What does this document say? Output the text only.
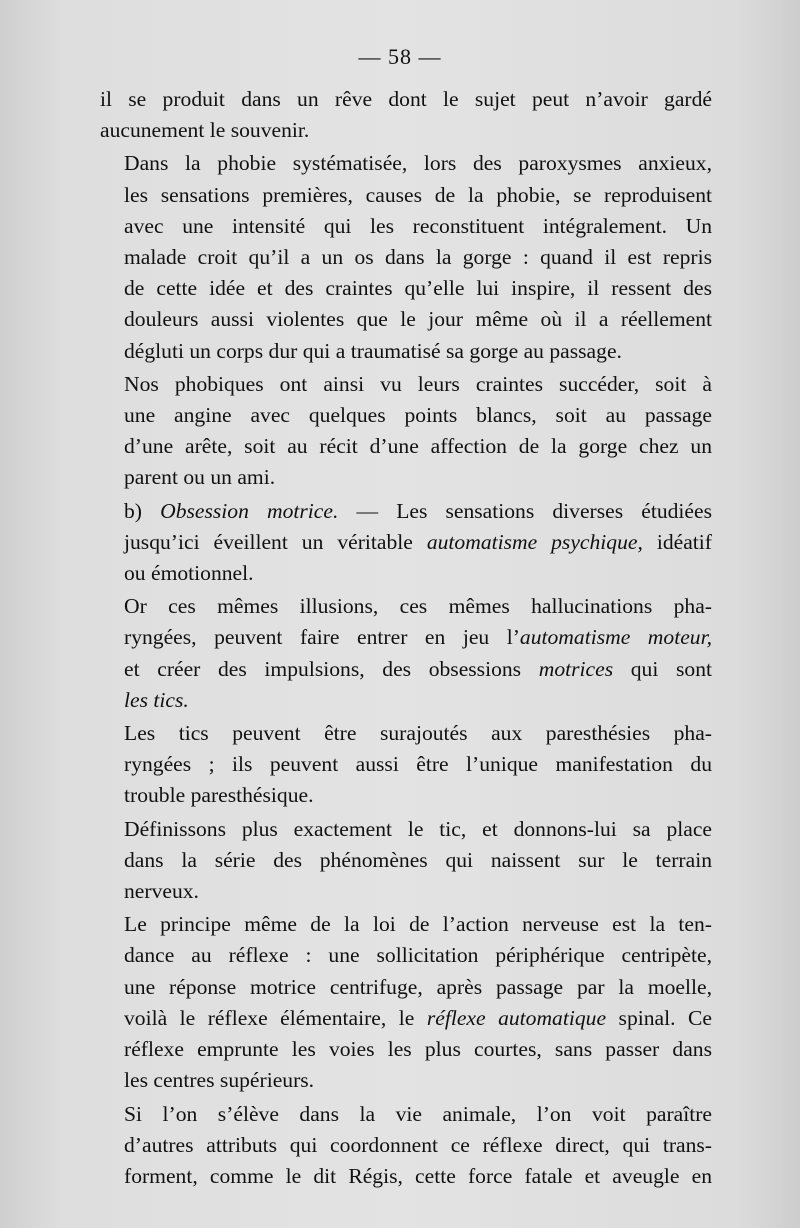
— 58 —

il se produit dans un rêve dont le sujet peut n’avoir gardé
aucunement le souvenir.

Dans la phobie systématisée, lors des paroxysmes anxieux,
les sensations premières, causes de la phobie, se reproduisent
avec une intensité qui les reconstituent intégralement. Un
malade croit qu’il a un os dans la gorge : quand il est repris
de cette idée et des craintes qu’elle lui inspire, il ressent des
douleurs aussi violentes que le jour même où il a réellement
dégluti un corps dur qui a traumatisé sa gorge au passage.

Nos phobiques ont ainsi vu leurs craintes succéder, soit à
une angine avec quelques points blancs, soit au passage
d’une arête, soit au récit d’une affection de la gorge chez un
parent ou un ami.

b) Obsession motrice. — Les sensations diverses étudiées
jusqu’ici éveillent un véritable automatisme psychique, idéatif
ou émotionnel.

Or ces mêmes illusions, ces mêmes hallucinations pha-
ryngées, peuvent faire entrer en jeu l’automatisme moteur,
et créer des impulsions, des obsessions motrices qui sont
les tics.

Les tics peuvent être surajoutés aux paresthésies pha-
ryngées ; ils peuvent aussi être l’unique manifestation du
trouble paresthésique.

Définissons plus exactement le tic, et donnons-lui sa place
dans la série des phénomènes qui naissent sur le terrain
nerveux.

Le principe même de la loi de l’action nerveuse est la ten-
dance au réflexe : une sollicitation périphérique centripète,
une réponse motrice centrifuge, après passage par la moelle,
voilà le réflexe élémentaire, le réflexe automatique spinal. Ce
réflexe emprunte les voies les plus courtes, sans passer dans
les centres supérieurs.

Si l’on s’élève dans la vie animale, l’on voit paraître
d’autres attributs qui coordonnent ce réflexe direct, qui trans-
forment, comme le dit Régis, cette force fatale et aveugle en
